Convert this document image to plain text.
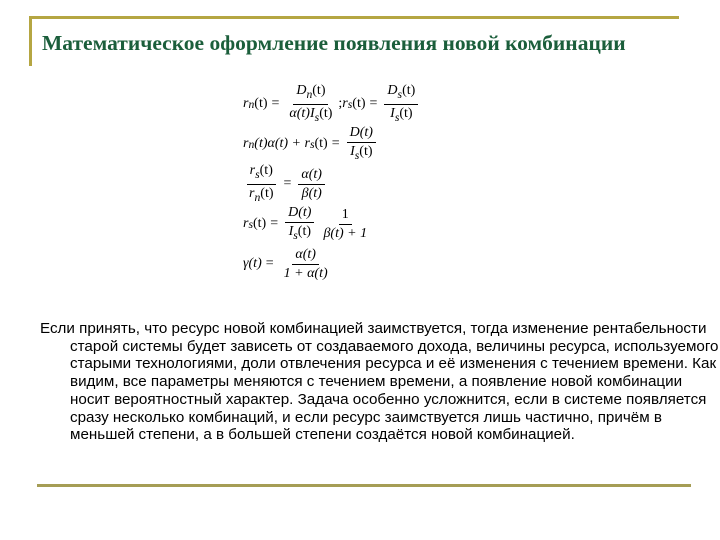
Математическое оформление появления новой комбинации
r n $(t) = \frac{D_n(t)}{\alpha(t)I_s(t)}$ ; r s $(t) = \frac{D_s(t)}{I_s(t)}$
r n (t)α(t) + r s $(t) = \frac{D(t)}{I_s(t)}$
$\frac{r_s(t)}{r_n(t)} = \frac{\alpha(t)}{\beta(t)}$
r s $(t) = \frac{D(t)}{I_s(t)} \frac{1}{\beta(t) + 1}$
$\gamma(t) = \frac{\alpha(t)}{1 + \alpha(t)}$

Если принять, что ресурс новой комбинацией заимствуется, тогда изменение рентабельности старой системы будет зависеть от создаваемого дохода, величины ресурса, используемого старыми технологиями, доли отвлечения ресурса и её изменения с течением времени. Как видим, все параметры меняются с течением времени, а появление новой комбинации носит вероятностный характер. Задача особенно усложнится, если в системе появляется сразу несколько комбинаций, и если ресурс заимствуется лишь частично, причём в меньшей степени, а в большей степени создаётся новой комбинацией.
